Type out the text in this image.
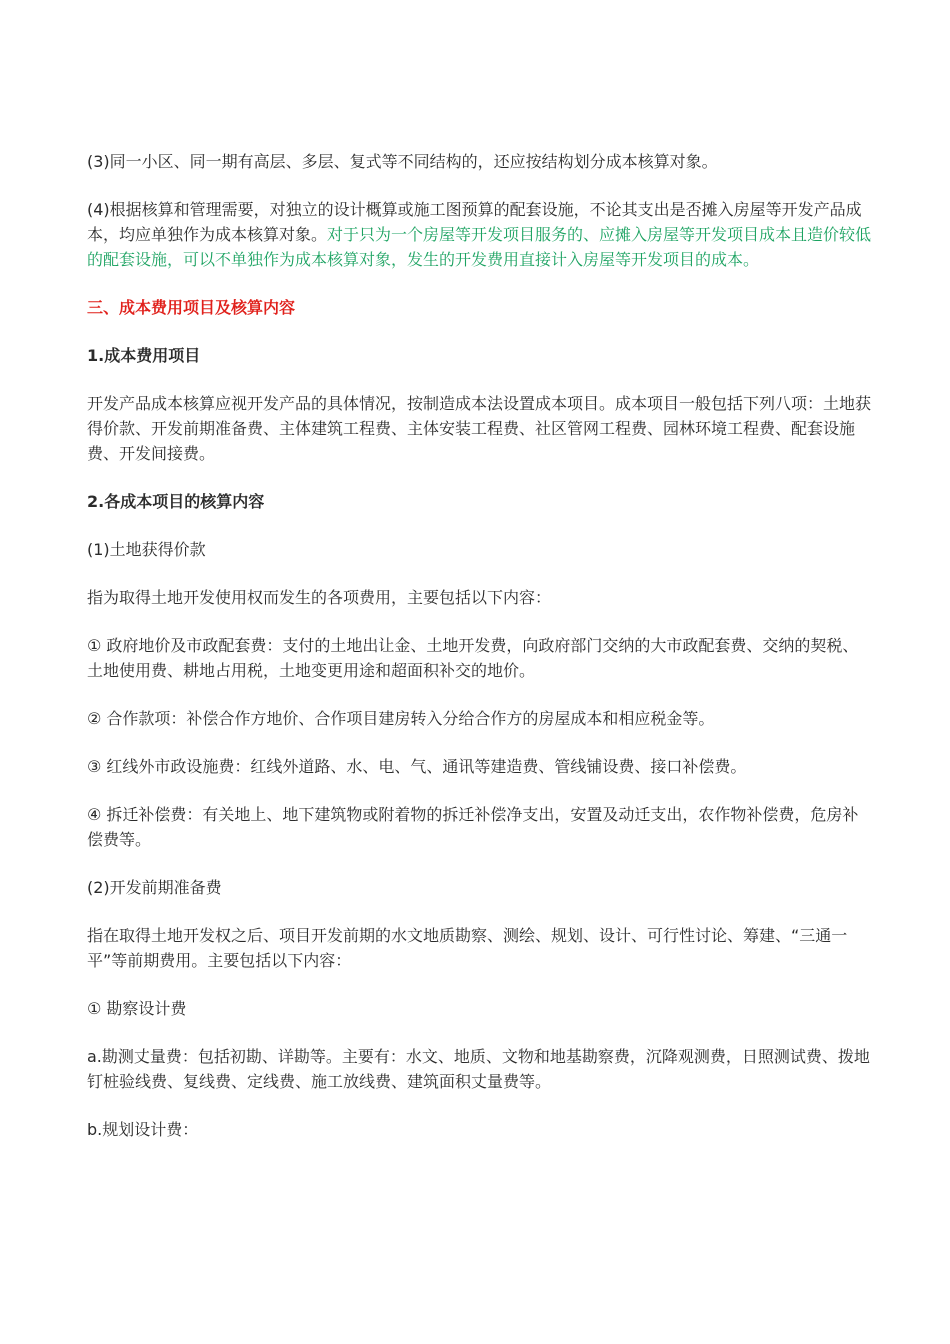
(3)同一小区、同一期有高层、多层、复式等不同结构的，还应按结构划分成本核算对象。

(4)根据核算和管理需要，对独立的设计概算或施工图预算的配套设施，不论其支出是否摊入房屋等开发产品成本，均应单独作为成本核算对象。对于只为一个房屋等开发项目服务的、应摊入房屋等开发项目成本且造价较低的配套设施，可以不单独作为成本核算对象，发生的开发费用直接计入房屋等开发项目的成本。

三、成本费用项目及核算内容

1.成本费用项目

开发产品成本核算应视开发产品的具体情况，按制造成本法设置成本项目。成本项目一般包括下列八项：土地获得价款、开发前期准备费、主体建筑工程费、主体安装工程费、社区管网工程费、园林环境工程费、配套设施费、开发间接费。

2.各成本项目的核算内容

(1)土地获得价款

指为取得土地开发使用权而发生的各项费用，主要包括以下内容：

① 政府地价及市政配套费：支付的土地出让金、土地开发费，向政府部门交纳的大市政配套费、交纳的契税、土地使用费、耕地占用税，土地变更用途和超面积补交的地价。

② 合作款项：补偿合作方地价、合作项目建房转入分给合作方的房屋成本和相应税金等。

③ 红线外市政设施费：红线外道路、水、电、气、通讯等建造费、管线铺设费、接口补偿费。

④ 拆迁补偿费：有关地上、地下建筑物或附着物的拆迁补偿净支出，安置及动迁支出，农作物补偿费，危房补偿费等。

(2)开发前期准备费

指在取得土地开发权之后、项目开发前期的水文地质勘察、测绘、规划、设计、可行性讨论、筹建、“三通一平”等前期费用。主要包括以下内容：

① 勘察设计费

a.勘测丈量费：包括初勘、详勘等。主要有：水文、地质、文物和地基勘察费，沉降观测费，日照测试费、拨地钉桩验线费、复线费、定线费、施工放线费、建筑面积丈量费等。

b.规划设计费：
